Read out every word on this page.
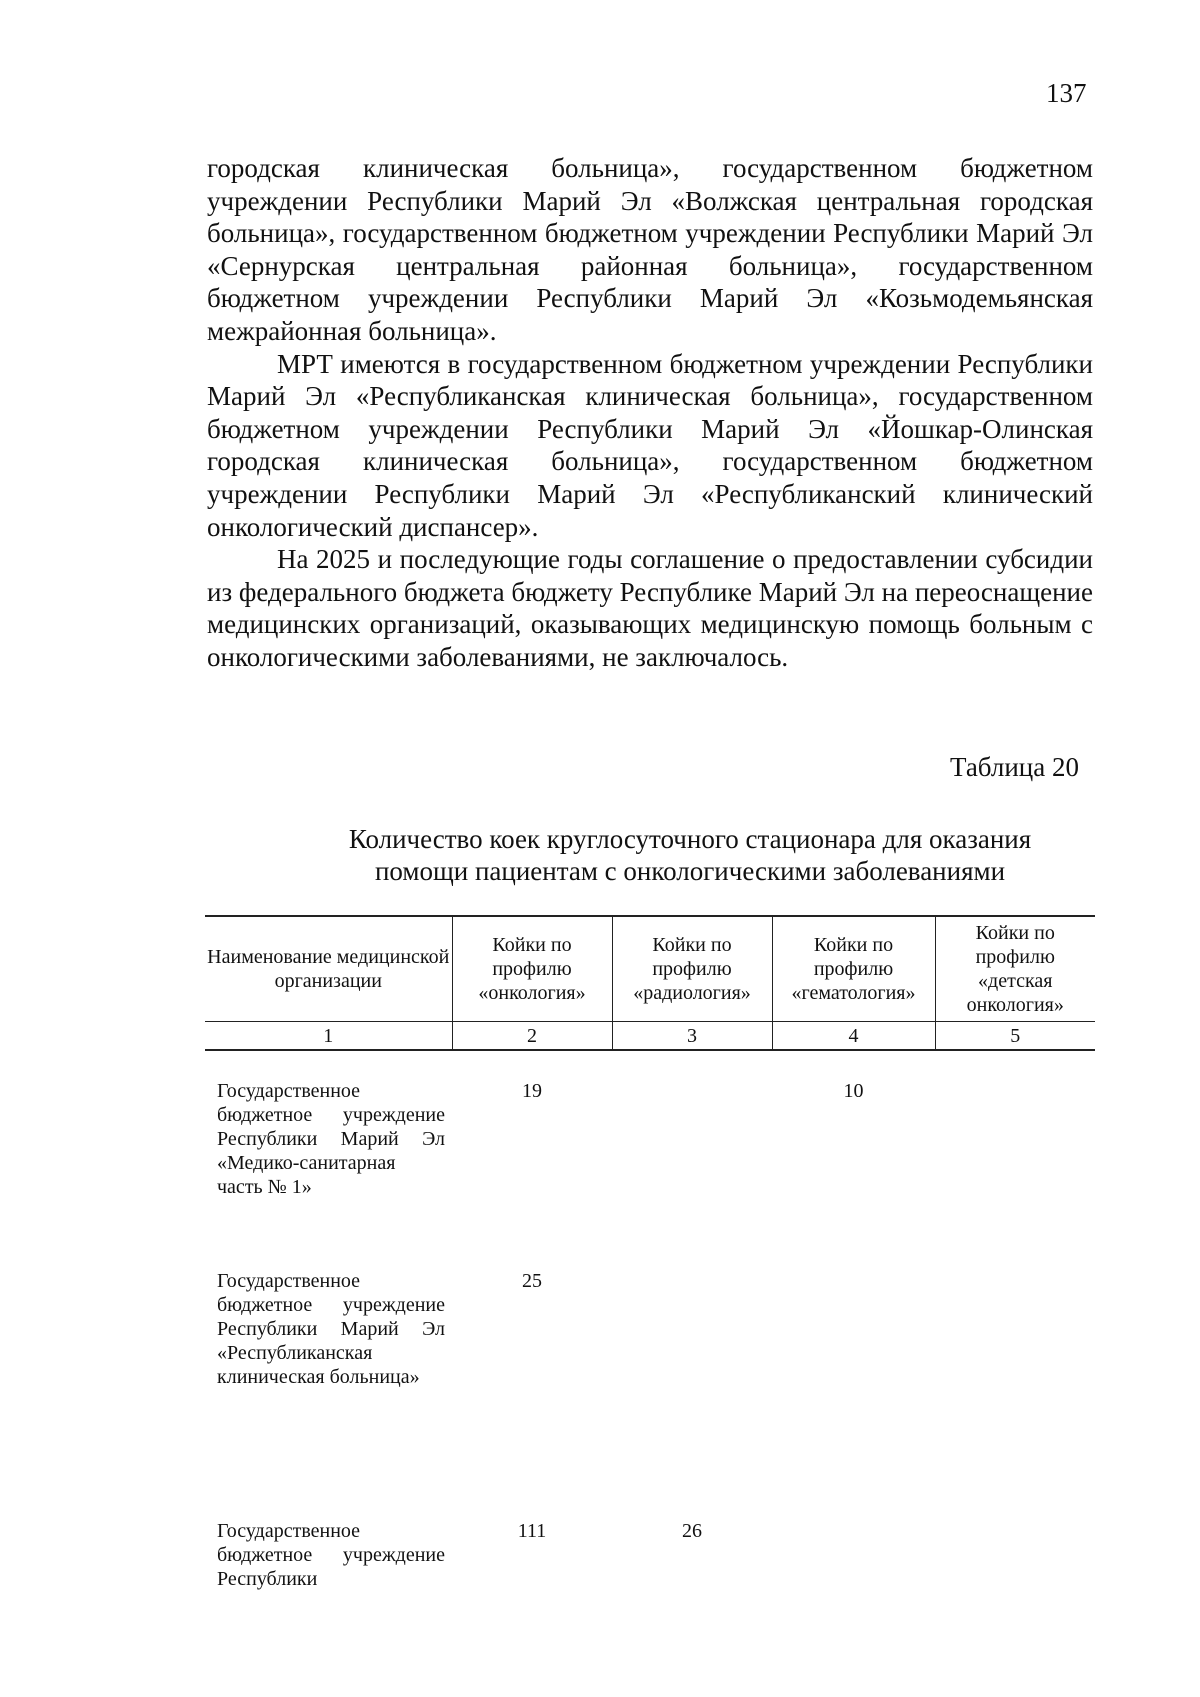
137

городская клиническая больница», государственном бюджетном учреждении Республики Марий Эл «Волжская центральная городская больница», государственном бюджетном учреждении Республики Марий Эл «Сернурская центральная районная больница», государственном бюджетном учреждении Республики Марий Эл «Козьмодемьянская межрайонная больница».

МРТ имеются в государственном бюджетном учреждении Республики Марий Эл «Республиканская клиническая больница», государственном бюджетном учреждении Республики Марий Эл «Йошкар-Олинская городская клиническая больница», государственном бюджетном учреждении Республики Марий Эл «Республиканский клинический онкологический диспансер».

На 2025 и последующие годы соглашение о предоставлении субсидии из федерального бюджета бюджету Республике Марий Эл на переоснащение медицинских организаций, оказывающих медицинскую помощь больным с онкологическими заболеваниями, не заключалось.

Таблица 20
Количество коек круглосуточного стационара для оказания
помощи пациентам с онкологическими заболеваниями
Наименование медицинской организации	Койки по профилю «онкология»	Койки по профилю «радиология»	Койки по профилю «гематология»	Койки по профилю «детская онкология»
1	2	3	4	5

Государственное бюджетное учреждение Республики Марий Эл «Медико-санитарная часть № 1»	19		10	

Государственное бюджетное учреждение Республики Марий Эл «Республиканская клиническая больница»	25			

Государственное бюджетное учреждение Республики	111	26		
